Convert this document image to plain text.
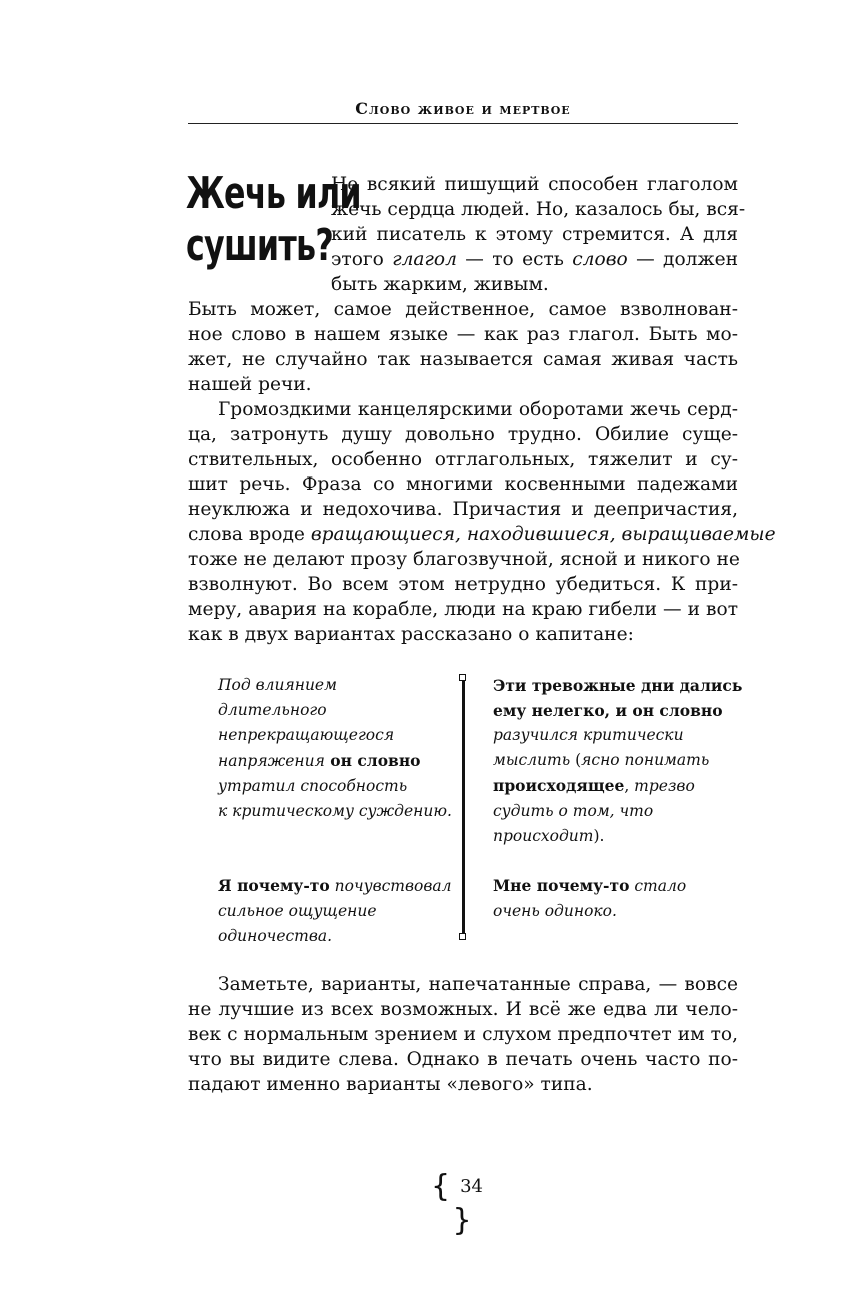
Слово живое и мертвое
Жечь или
сушить?
Не всякий пишущий способен глаголом
жечь сердца людей. Но, казалось бы, вся-
кий писатель к этому стремится. А для
этого глагол — то есть слово — должен
быть жарким, живым.
Быть может, самое действенное, самое взволнован-
ное слово в нашем языке — как раз глагол. Быть мо-
жет, не случайно так называется самая живая часть
нашей речи.
Громоздкими канцелярскими оборотами жечь серд-
ца, затронуть душу довольно трудно. Обилие суще-
ствительных, особенно отглагольных, тяжелит и су-
шит речь. Фраза со многими косвенными падежами
неуклюжа и недохочива. Причастия и деепричастия,
слова вроде вращающиеся, находившиеся, выращиваемые
тоже не делают прозу благозвучной, ясной и никого не
взволнуют. Во всем этом нетрудно убедиться. К при-
меру, авария на корабле, люди на краю гибели — и вот
как в двух вариантах рассказано о капитане:
Под влиянием
длительного
непрекращающегося
напряжения он словно
утратил способность
к критическому суждению.
Эти тревожные дни дались
ему нелегко, и он словно
разучился критически
мыслить (ясно понимать
происходящее, трезво
судить о том, что
происходит).
Я почему-то почувствовал
сильное ощущение
одиночества.
Мне почему-то стало
очень одиноко.
Заметьте, варианты, напечатанные справа, — вовсе
не лучшие из всех возможных. И всё же едва ли чело-
век с нормальным зрением и слухом предпочтет им то,
что вы видите слева. Однако в печать очень часто по-
падают именно варианты «левого» типа.
{ 34}
